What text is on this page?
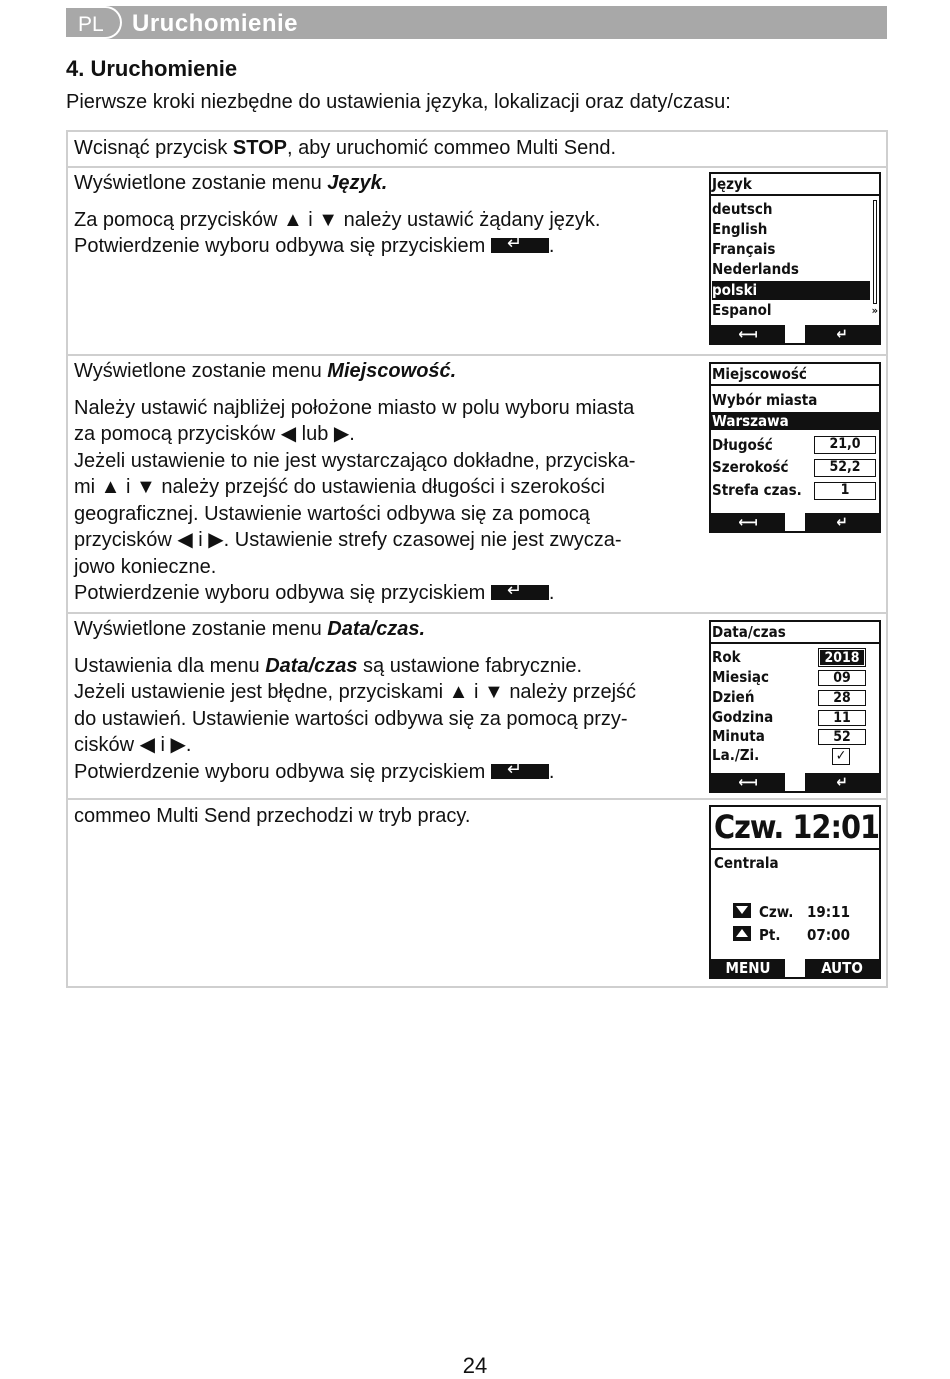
PL Uruchomienie
4. Uruchomienie
Pierwsze kroki niezbędne do ustawienia języka, lokalizacji oraz daty/czasu:
Wcisnąć przycisk STOP, aby uruchomić commeo Multi Send.

Wyświetlone zostanie menu Język.

Za pomocą przycisków ▲ i ▼ należy ustawić żądany język.

Potwierdzenie wyboru odbywa się przyciskiem ↵	.

Język
deutsch
English
Français
Nederlands
polski
Espanol	»
⟻	↵

Wyświetlone zostanie menu Miejscowość.

Należy ustawić najbliżej położone miasto w polu wyboru miasta

za pomocą przycisków ◀ lub ▶.

Jeżeli ustawienie to nie jest wystarczająco dokładne, przyciska-

mi ▲ i ▼ należy przejść do ustawienia długości i szerokości

geograficznej. Ustawienie wartości odbywa się za pomocą

przycisków ◀ i ▶. Ustawienie strefy czasowej nie jest zwycza-

jowo konieczne.

Potwierdzenie wyboru odbywa się przyciskiem ↵	.

Miejscowość
Wybór miasta
Warszawa
Długość	21,0
Szerokość	52,2
Strefa czas.	1
⟻	↵

Wyświetlone zostanie menu Data/czas.

Ustawienia dla menu Data/czas są ustawione fabrycznie.

Jeżeli ustawienie jest błędne, przyciskami ▲ i ▼ należy przejść

do ustawień. Ustawienie wartości odbywa się za pomocą przy-

cisków ◀ i ▶.

Potwierdzenie wyboru odbywa się przyciskiem ↵	.

Data/czas
Rok	2018
Miesiąc	09
Dzień	28
Godzina	11
Minuta	52
La./Zi.	✓
⟻	↵
commeo Multi Send przechodzi w tryb pracy.	Czw. 12:01
Centrala
Czw. 19:11
Pt. 07:00
MENU	AUTO
24
